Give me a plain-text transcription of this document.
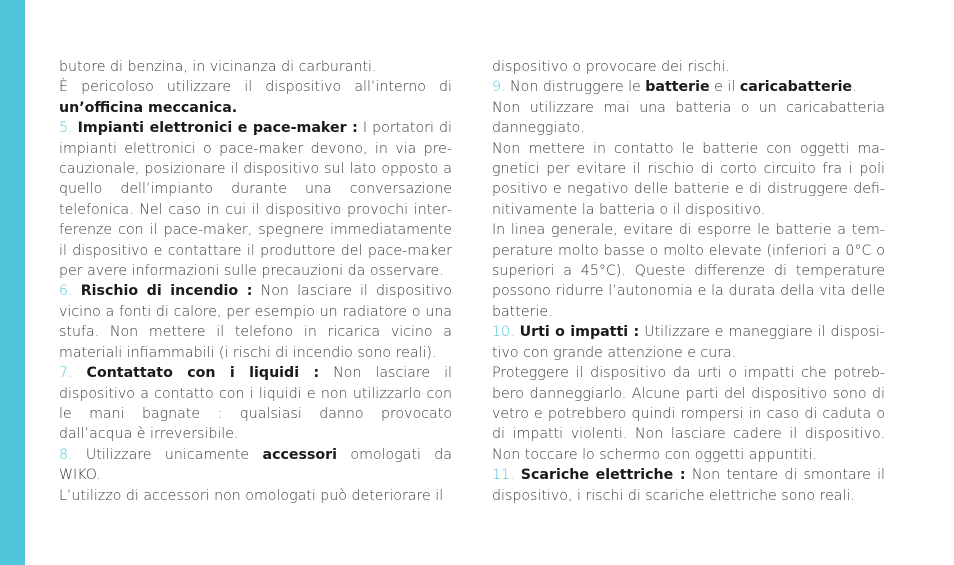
butore di benzina, in vicinanza di carburanti.

È pericoloso utilizzare il dispositivo all’interno di un’officina meccanica.

5. Impianti elettronici e pace-maker : I portatori di impianti elettronici o pace-maker devono, in via precauzionale, posizionare il dispositivo sul lato opposto a quello dell’impianto durante una conversazione telefonica. Nel caso in cui il dispositivo provochi interferenze con il pace-maker, spegnere immediatamente il dispositivo e contattare il produttore del pace-maker per avere informazioni sulle precauzioni da osservare.

6. Rischio di incendio : Non lasciare il dispositivo vicino a fonti di calore, per esempio un radiatore o una stufa. Non mettere il telefono in ricarica vicino a materiali infiammabili (i rischi di incendio sono reali).

7. Contattato con i liquidi : Non lasciare il dispositivo a contatto con i liquidi e non utilizzarlo con le mani bagnate : qualsiasi danno provocato dall’acqua è irreversibile.

8. Utilizzare unicamente accessori omologati da WIKO.

L’utilizzo di accessori non omologati può deteriorare il

dispositivo o provocare dei rischi.

9. Non distruggere le batterie e il caricabatterie.

Non utilizzare mai una batteria o un caricabatteria danneggiato.

Non mettere in contatto le batterie con oggetti magnetici per evitare il rischio di corto circuito fra i poli positivo e negativo delle batterie e di distruggere definitivamente la batteria o il dispositivo.

In linea generale, evitare di esporre le batterie a temperature molto basse o molto elevate (inferiori a 0°C o superiori a 45°C). Queste differenze di temperature possono ridurre l’autonomia e la durata della vita delle batterie.

10. Urti o impatti : Utilizzare e maneggiare il dispositivo con grande attenzione e cura.

Proteggere il dispositivo da urti o impatti che potrebbero danneggiarlo. Alcune parti del dispositivo sono di vetro e potrebbero quindi rompersi in caso di caduta o di impatti violenti. Non lasciare cadere il dispositivo. Non toccare lo schermo con oggetti appuntiti.

11. Scariche elettriche : Non tentare di smontare il dispositivo, i rischi di scariche elettriche sono reali.
